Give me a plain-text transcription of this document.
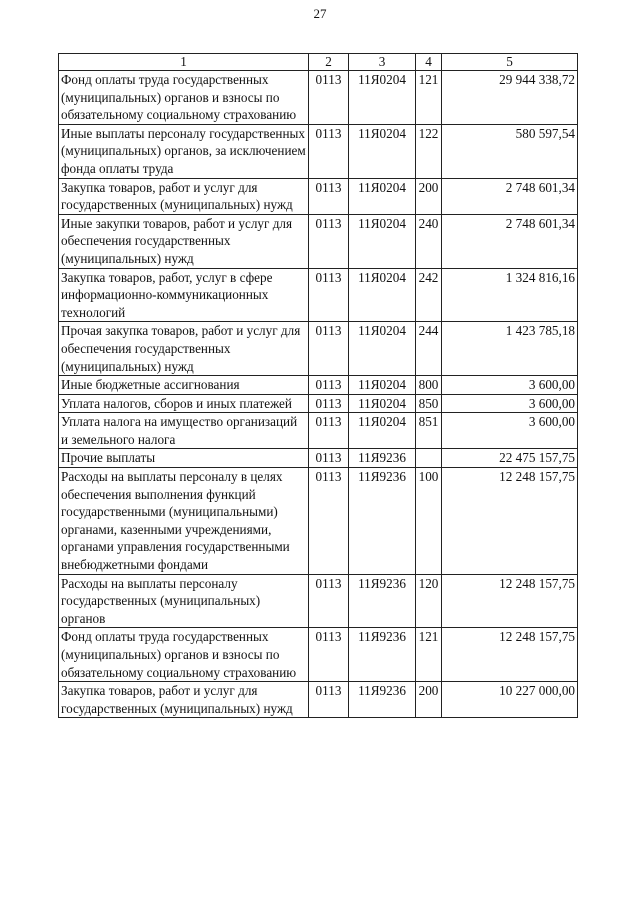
27
1	2	3	4	5
Фонд оплаты труда государственных (муниципальных) органов и взносы по обязательному социальному страхованию	0113	11Я0204	121	29 944 338,72
Иные выплаты персоналу государственных (муниципальных) органов, за исключением фонда оплаты труда	0113	11Я0204	122	580 597,54
Закупка товаров, работ и услуг для государственных (муниципальных) нужд	0113	11Я0204	200	2 748 601,34
Иные закупки товаров, работ и услуг для обеспечения государственных (муниципальных) нужд	0113	11Я0204	240	2 748 601,34
Закупка товаров, работ, услуг в сфере информационно-коммуникационных технологий	0113	11Я0204	242	1 324 816,16
Прочая закупка товаров, работ и услуг для обеспечения государственных (муниципальных) нужд	0113	11Я0204	244	1 423 785,18
Иные бюджетные ассигнования	0113	11Я0204	800	3 600,00
Уплата налогов, сборов и иных платежей	0113	11Я0204	850	3 600,00
Уплата налога на имущество организаций и земельного налога	0113	11Я0204	851	3 600,00
Прочие выплаты	0113	11Я9236		22 475 157,75
Расходы на выплаты персоналу в целях обеспечения выполнения функций государственными (муниципальными) органами, казенными учреждениями, органами управления государственными внебюджетными фондами	0113	11Я9236	100	12 248 157,75
Расходы на выплаты персоналу государственных (муниципальных) органов	0113	11Я9236	120	12 248 157,75
Фонд оплаты труда государственных (муниципальных) органов и взносы по обязательному социальному страхованию	0113	11Я9236	121	12 248 157,75
Закупка товаров, работ и услуг для государственных (муниципальных) нужд	0113	11Я9236	200	10 227 000,00
